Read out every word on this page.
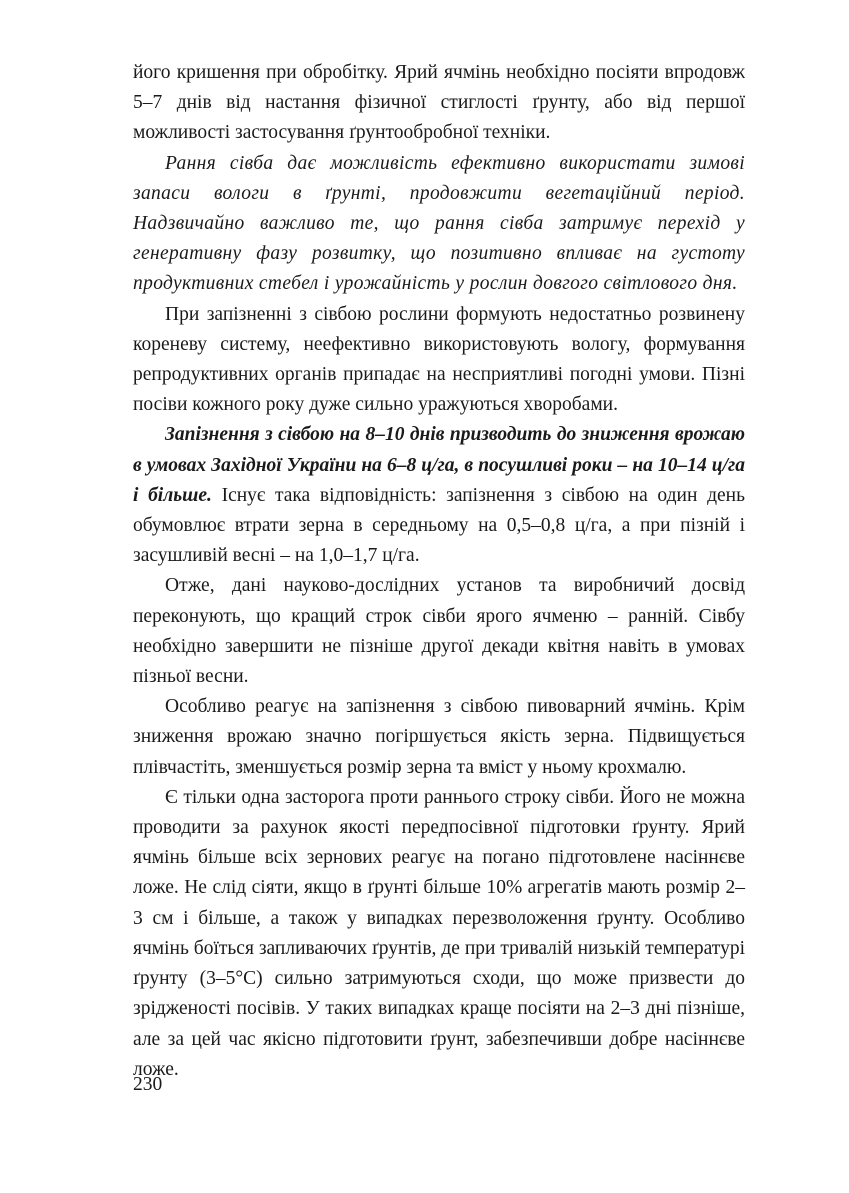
його кришення при обробітку. Ярий ячмінь необхідно посіяти впродовж 5–7 днів від настання фізичної стиглості ґрунту, або від першої можливості застосування ґрунтообробної техніки.

Рання сівба дає можливість ефективно використати зимові запаси вологи в ґрунті, продовжити вегетаційний період. Надзвичайно важливо те, що рання сівба затримує перехід у генеративну фазу розвитку, що позитивно впливає на густоту продуктивних стебел і урожайність у рослин довгого світлового дня.

При запізненні з сівбою рослини формують недостатньо розвинену кореневу систему, неефективно використовують вологу, формування репродуктивних органів припадає на несприятливі погодні умови. Пізні посіви кожного року дуже сильно уражуються хворобами.

Запізнення з сівбою на 8–10 днів призводить до зниження врожаю в умовах Західної України на 6–8 ц/га, в посушливі роки – на 10–14 ц/га і більше. Існує така відповідність: запізнення з сівбою на один день обумовлює втрати зерна в середньому на 0,5–0,8 ц/га, а при пізній і засушливій весні – на 1,0–1,7 ц/га.

Отже, дані науково-дослідних установ та виробничий досвід переконують, що кращий строк сівби ярого ячменю – ранній. Сівбу необхідно завершити не пізніше другої декади квітня навіть в умовах пізньої весни.

Особливо реагує на запізнення з сівбою пивоварний ячмінь. Крім зниження врожаю значно погіршується якість зерна. Підвищується плівчастіть, зменшується розмір зерна та вміст у ньому крохмалю.

Є тільки одна засторога проти раннього строку сівби. Його не можна проводити за рахунок якості передпосівної підготовки ґрунту. Ярий ячмінь більше всіх зернових реагує на погано підготовлене насіннєве ложе. Не слід сіяти, якщо в ґрунті більше 10% агрегатів мають розмір 2–3 см і більше, а також у випадках перезволоження ґрунту. Особливо ячмінь боїться запливаючих ґрунтів, де при тривалій низькій температурі ґрунту (3–5°С) сильно затримуються сходи, що може призвести до зрідженості посівів. У таких випадках краще посіяти на 2–3 дні пізніше, але за цей час якісно підготовити ґрунт, забезпечивши добре насіннєве ложе.

230
